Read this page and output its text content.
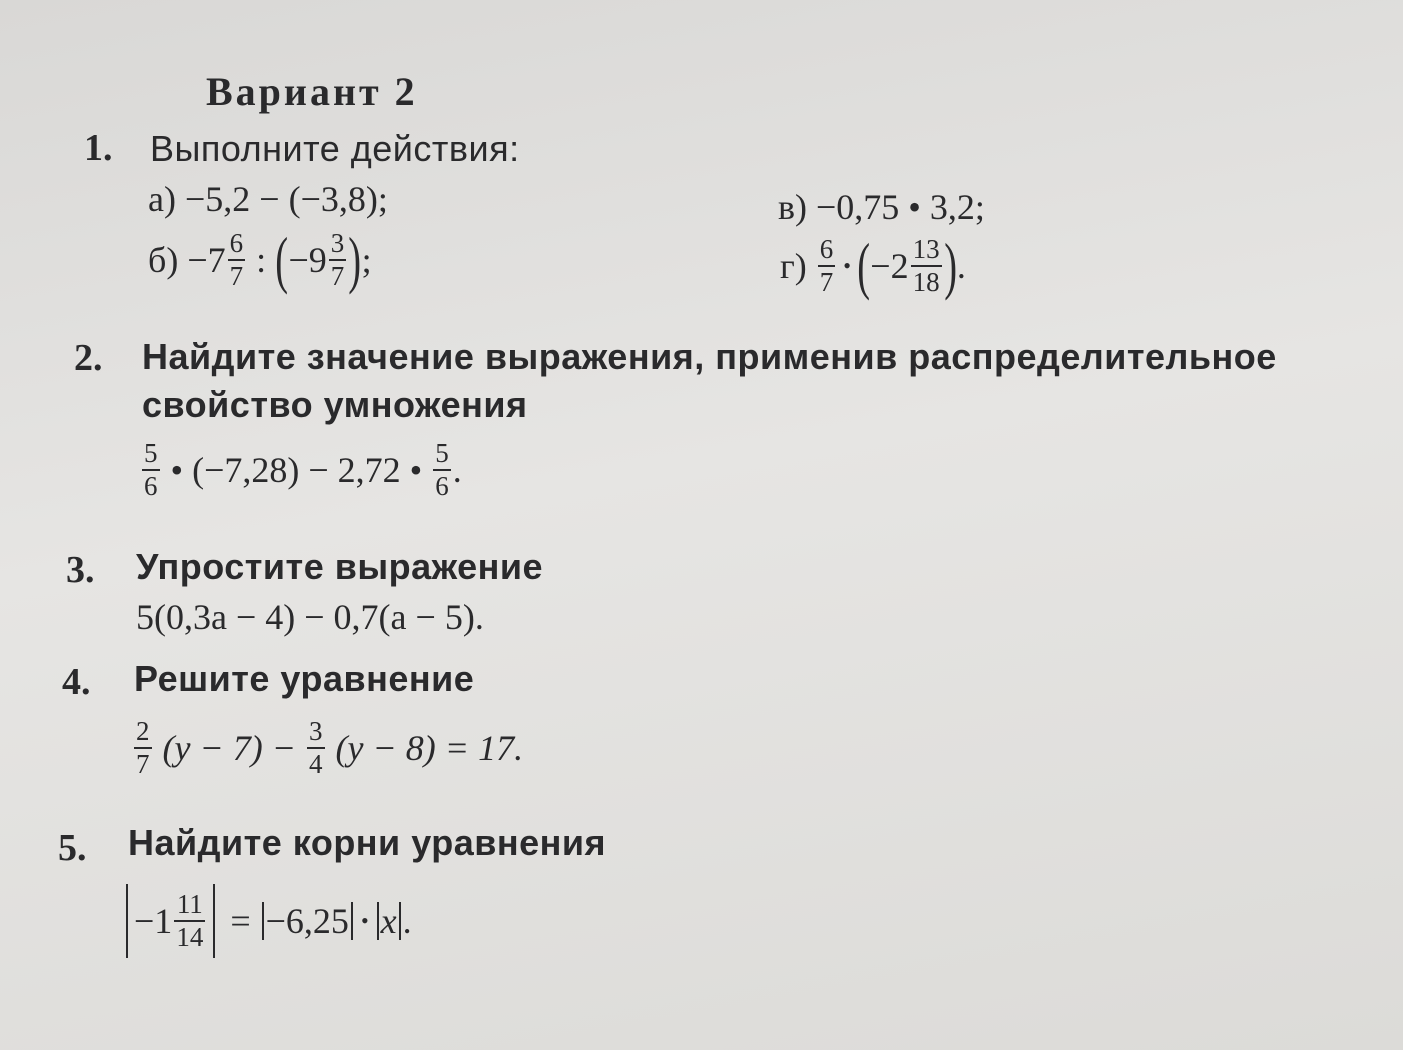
Вариант 2
1. Выполните действия:
а)
−5,2 − (−3,8);	в)
−0,75 • 3,2;
б)
$-7 \frac{6}{7}$
:
( $-9 \frac{3}{7}$ ) ;	г)
$\frac{6}{7}$ • ( $-2 \frac{13}{18}$ ) .
2. Найдите значение выражения, применив распределительное
свойство умножения
$\frac{5}{6}$
• (−7,28) − 2,72 •
$\frac{5}{6}$ .
3. Упростите выражение
5(0,3a − 4) − 0,7(a − 5).
4. Решите уравнение
$\frac{2}{7}$
(y − 7) −
$\frac{3}{4}$
(y − 8) = 17.
5. Найдите корни уравнения
$-1 \frac{11}{14}$
=
−6,25 • x .
